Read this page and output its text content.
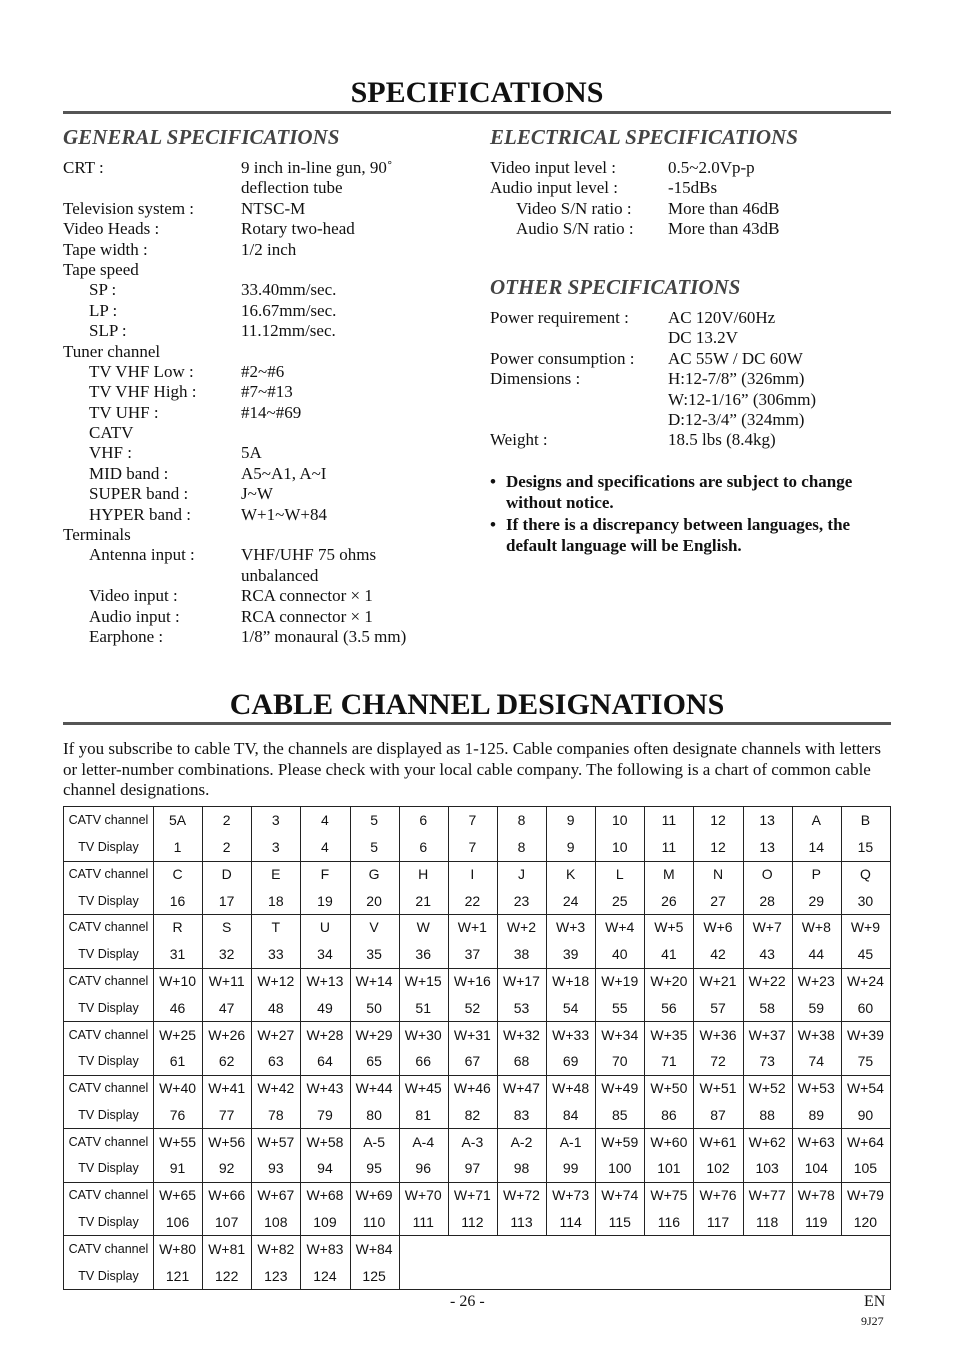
SPECIFICATIONS
GENERAL SPECIFICATIONS
CRT :	9 inch in-line gun, 90˚
deflection tube
Television system :	NTSC-M
Video Heads :	Rotary two-head
Tape width :	1/2 inch
Tape speed
SP :	33.40mm/sec.
LP :	16.67mm/sec.
SLP :	11.12mm/sec.
Tuner channel
TV VHF Low :	#2~#6
TV VHF High :	#7~#13
TV UHF :	#14~#69
CATV
VHF :	5A
MID band :	A5~A1, A~I
SUPER band :	J~W
HYPER band :	W+1~W+84
Terminals
Antenna input :	VHF/UHF 75 ohms
unbalanced
Video input :	RCA connector × 1
Audio input :	RCA connector × 1
Earphone :	1/8” monaural (3.5 mm)
ELECTRICAL SPECIFICATIONS
Video input level :	0.5~2.0Vp-p
Audio input level :	-15dBs
Video S/N ratio : More than 46dB
Audio S/N ratio : More than 43dB
OTHER SPECIFICATIONS
Power requirement : AC 120V/60Hz
DC 13.2V
Power consumption : AC 55W / DC 60W
Dimensions :	H:12-7/8” (326mm)
W:12-1/16” (306mm)
D:12-3/4” (324mm)
Weight :	18.5 lbs (8.4kg)
• Designs and specifications are subject to change without notice.
• If there is a discrepancy between languages, the default language will be English.
CABLE CHANNEL DESIGNATIONS
If you subscribe to cable TV, the channels are displayed as 1-125. Cable companies often designate channels with letters or letter-number combinations. Please check with your local cable company. The following is a chart of common cable channel designations.
CATV channel
TV Display
5A	2	3	4	5	6	7	8	9	10	11	12	13	A	B
1	2	3	4	5	6	7	8	9	10	11	12	13	14	15
CATV channel
TV Display
C	D	E	F	G	H	I	J	K	L	M	N	O	P	Q
16	17	18	19	20	21	22	23	24	25	26	27	28	29	30
CATV channel
TV Display
R	S	T	U	V	W	W+1	W+2	W+3	W+4	W+5	W+6	W+7	W+8	W+9
31	32	33	34	35	36	37	38	39	40	41	42	43	44	45
CATV channel
TV Display
W+10 W+11 W+12 W+13 W+14 W+15 W+16 W+17 W+18 W+19 W+20 W+21 W+22 W+23 W+24
46	47	48	49	50	51	52	53	54	55	56	57	58	59	60
CATV channel
TV Display
W+25 W+26 W+27 W+28 W+29 W+30 W+31 W+32 W+33 W+34 W+35 W+36 W+37 W+38 W+39
61	62	63	64	65	66	67	68	69	70	71	72	73	74	75
CATV channel
TV Display
W+40 W+41 W+42 W+43 W+44 W+45 W+46 W+47 W+48 W+49 W+50 W+51 W+52 W+53 W+54
76	77	78	79	80	81	82	83	84	85	86	87	88	89	90
CATV channel
TV Display
W+55 W+56 W+57 W+58	A-5	A-4	A-3	A-2	A-1	W+59 W+60 W+61 W+62 W+63 W+64
91	92	93	94	95	96	97	98	99	100	101	102	103	104	105
CATV channel
TV Display
W+65 W+66 W+67 W+68 W+69 W+70 W+71 W+72 W+73 W+74 W+75 W+76 W+77 W+78 W+79
106	107	108	109	110	111	112	113	114	115	116	117	118	119	120
CATV channel
TV Display
W+80 W+81 W+82 W+83 W+84
121	122	123	124	125
- 26 -	EN
9J27
